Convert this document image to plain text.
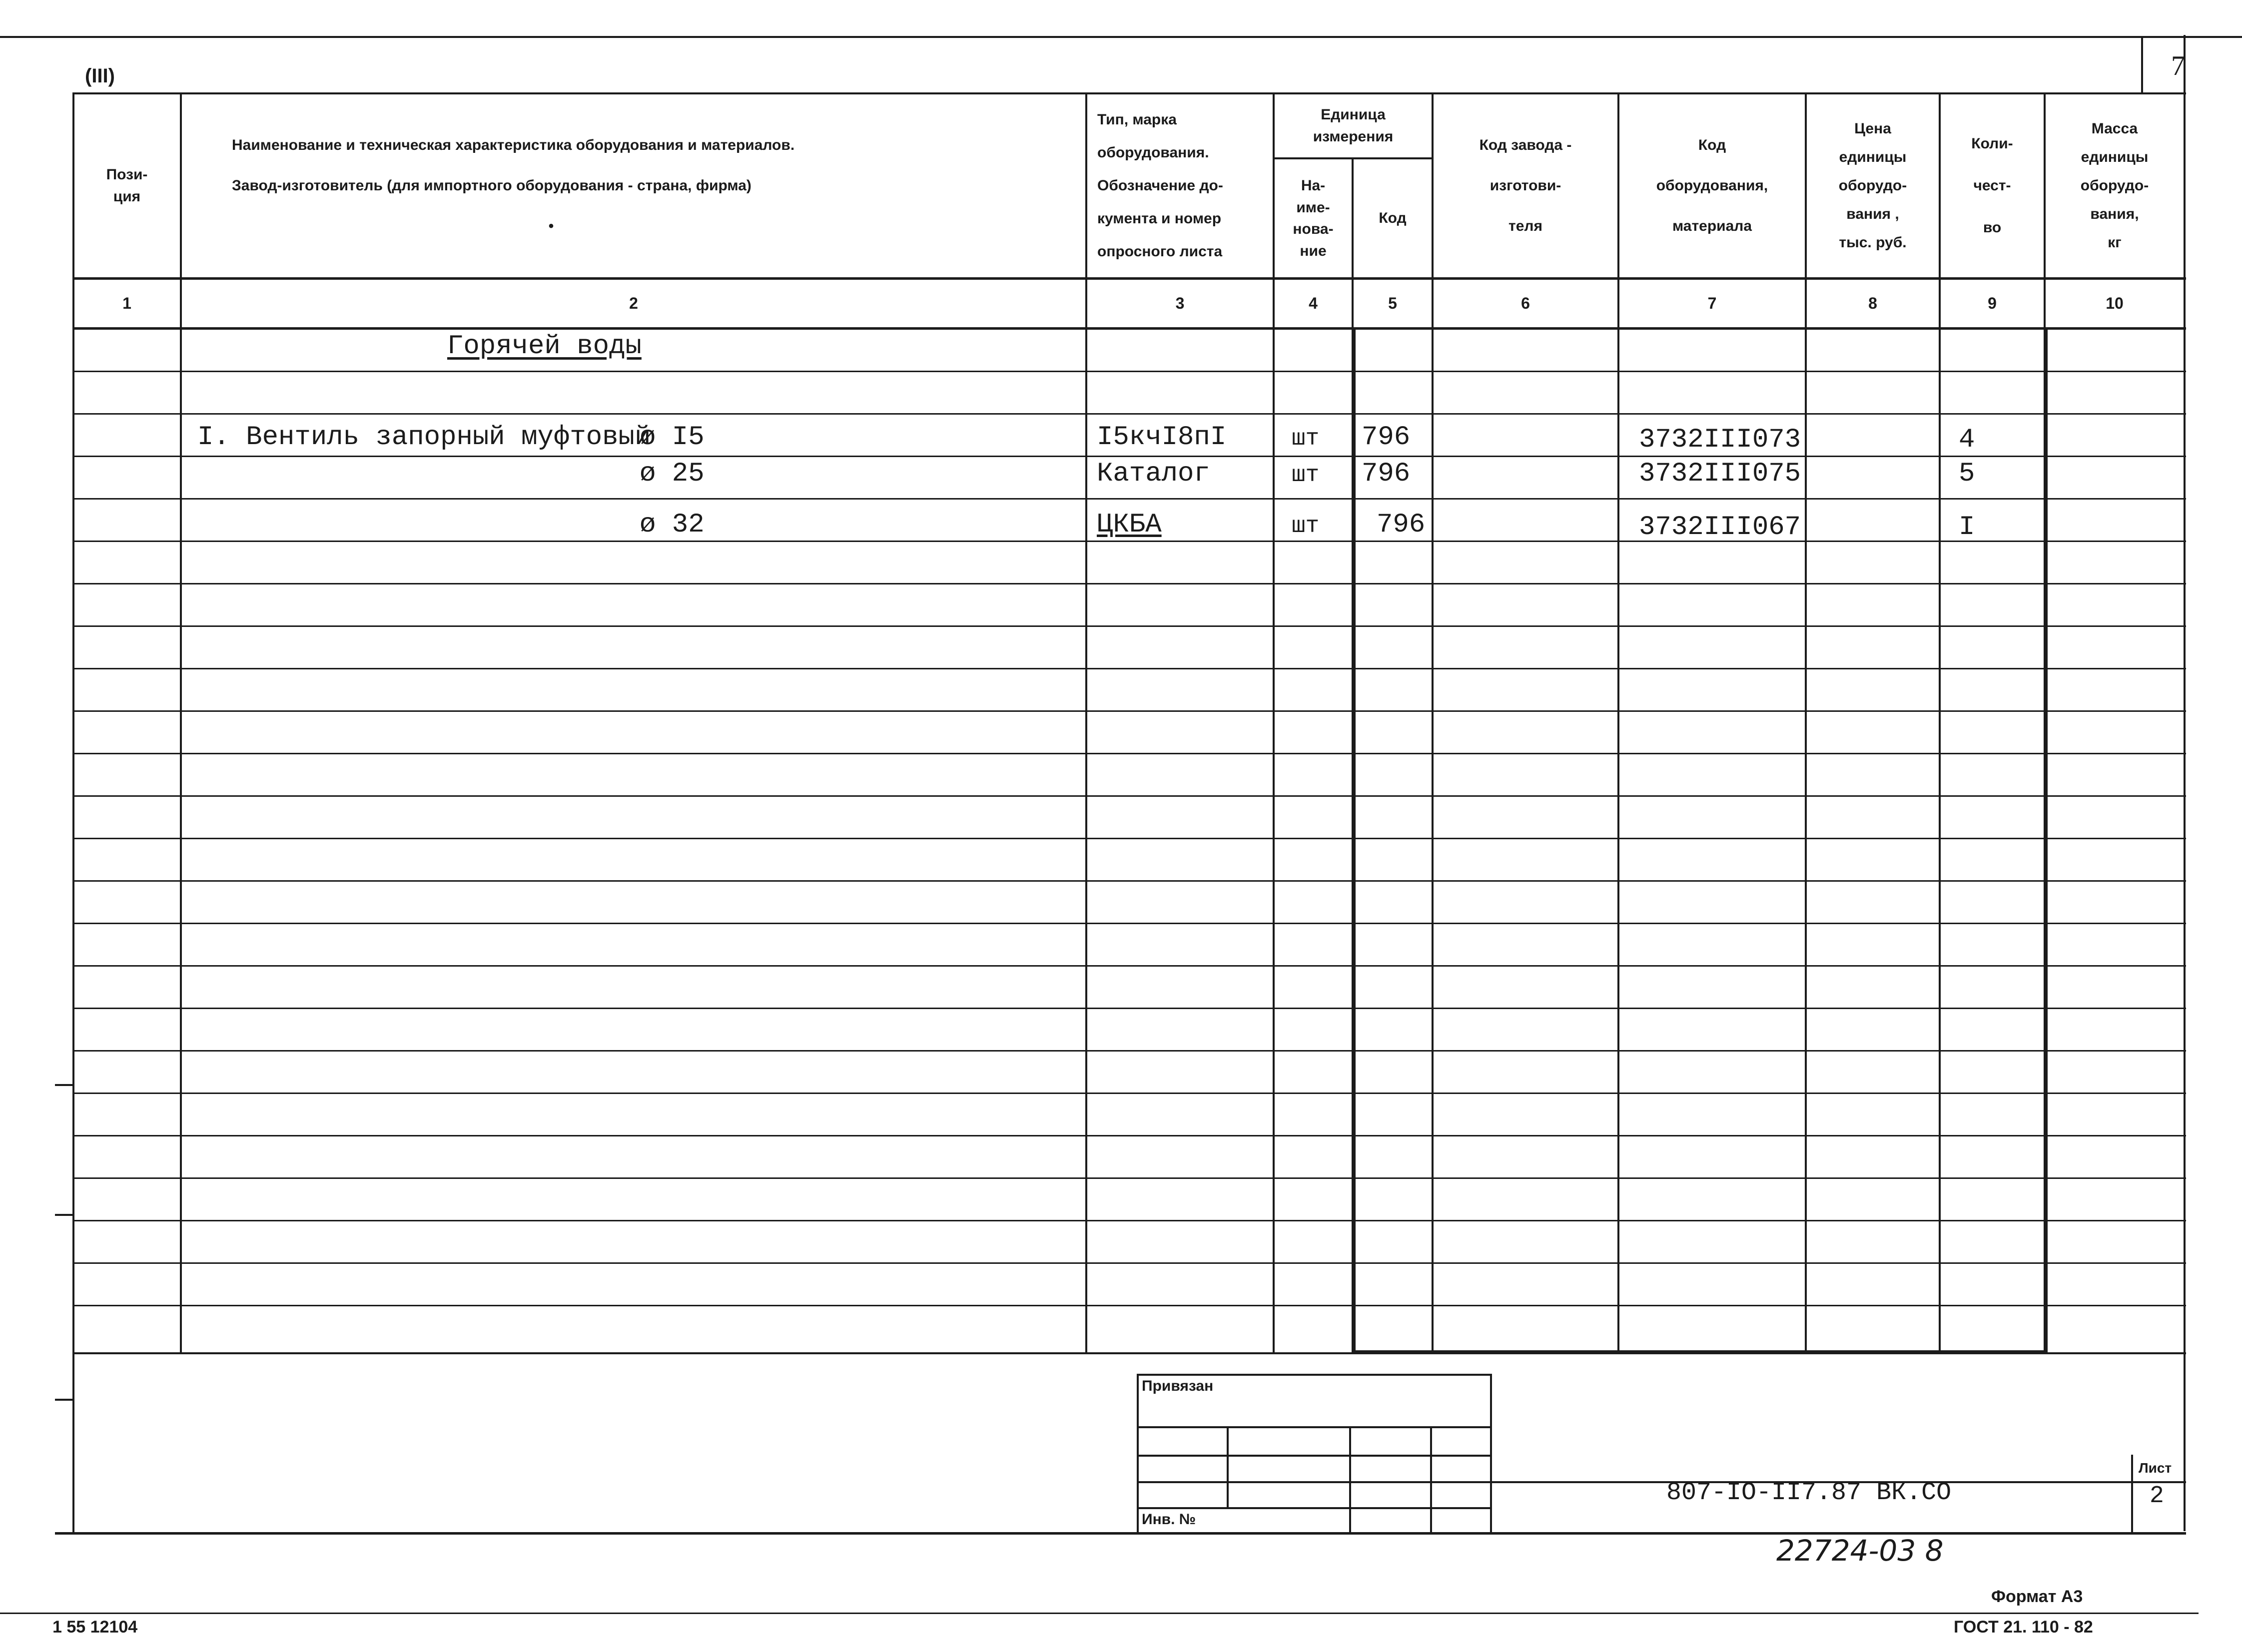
(III)	7
Пози-
ция
Наименование и техническая характеристика оборудования и материалов.
Завод-изготовитель (для импортного оборудования - страна, фирма)
•
Тип, марка
оборудования.
Обозначение до-
кумента и номер
опросного листа
Единица
измерения
На-
име-
нова-
ние
Код
Код завода -
изготови-
теля
Код
оборудования,
материала
Цена
единицы
оборудо-
вания ,
тыс. руб.
Коли-
чест-
во
Масса
единицы
оборудо-
вания,
кг
1	2	3	4	5	6	7	8	9	10
Горячей воды
I. Вентиль запорный муфтовый
ø I5	I5кчI8пI	шт 796	3732III073	4
ø 25	Каталог	шт 796	3732III075	5
ø 32	ЦКБА	шт 796	3732III067	I
Привязан
Инв. №
807-IO-II7.87 ВК.СО
Лист
2
22724-03 8
Формат А3
ГОСТ 21. 110 - 82
1 55 12104
